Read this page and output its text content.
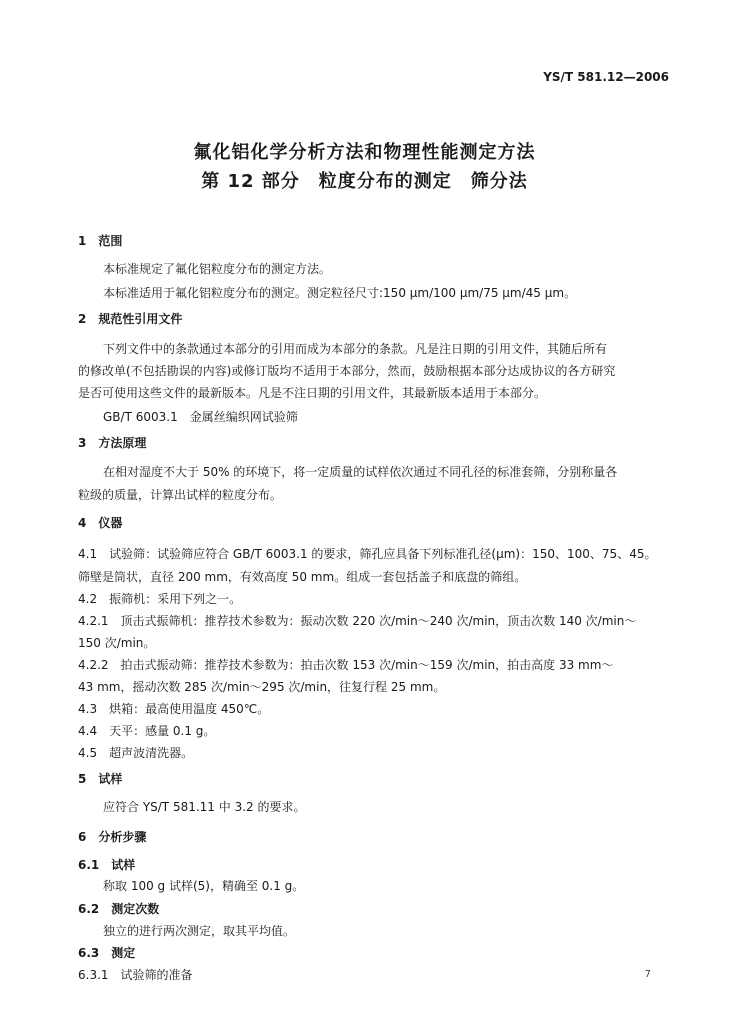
YS/T 581.12—2006
氟化铝化学分析方法和物理性能测定方法
第 12 部分　粒度分布的测定　筛分法
1　范围
本标准规定了氟化铝粒度分布的测定方法。
本标准适用于氟化铝粒度分布的测定。测定粒径尺寸:150 μm/100 μm/75 μm/45 μm。
2　规范性引用文件
下列文件中的条款通过本部分的引用而成为本部分的条款。凡是注日期的引用文件，其随后所有
的修改单(不包括勘误的内容)或修订版均不适用于本部分，然而，鼓励根据本部分达成协议的各方研究
是否可使用这些文件的最新版本。凡是不注日期的引用文件，其最新版本适用于本部分。
GB/T 6003.1　金属丝编织网试验筛
3　方法原理
在相对湿度不大于 50% 的环境下，将一定质量的试样依次通过不同孔径的标准套筛，分别称量各
粒级的质量，计算出试样的粒度分布。
4　仪器
4.1　试验筛：试验筛应符合 GB/T 6003.1 的要求，筛孔应具备下列标准孔径(μm)：150、100、75、45。
筛壁是筒状，直径 200 mm，有效高度 50 mm。组成一套包括盖子和底盘的筛组。
4.2　振筛机：采用下列之一。
4.2.1　顶击式振筛机：推荐技术参数为：振动次数 220 次/min～240 次/min，顶击次数 140 次/min～
150 次/min。
4.2.2　拍击式振动筛：推荐技术参数为：拍击次数 153 次/min～159 次/min，拍击高度 33 mm～
43 mm，摇动次数 285 次/min～295 次/min，往复行程 25 mm。
4.3　烘箱：最高使用温度 450℃。
4.4　天平：感量 0.1 g。
4.5　超声波清洗器。
5　试样
应符合 YS/T 581.11 中 3.2 的要求。
6　分析步骤
6.1　试样
称取 100 g 试样(5)，精确至 0.1 g。
6.2　测定次数
独立的进行两次测定，取其平均值。
6.3　测定
6.3.1　试验筛的准备	7
